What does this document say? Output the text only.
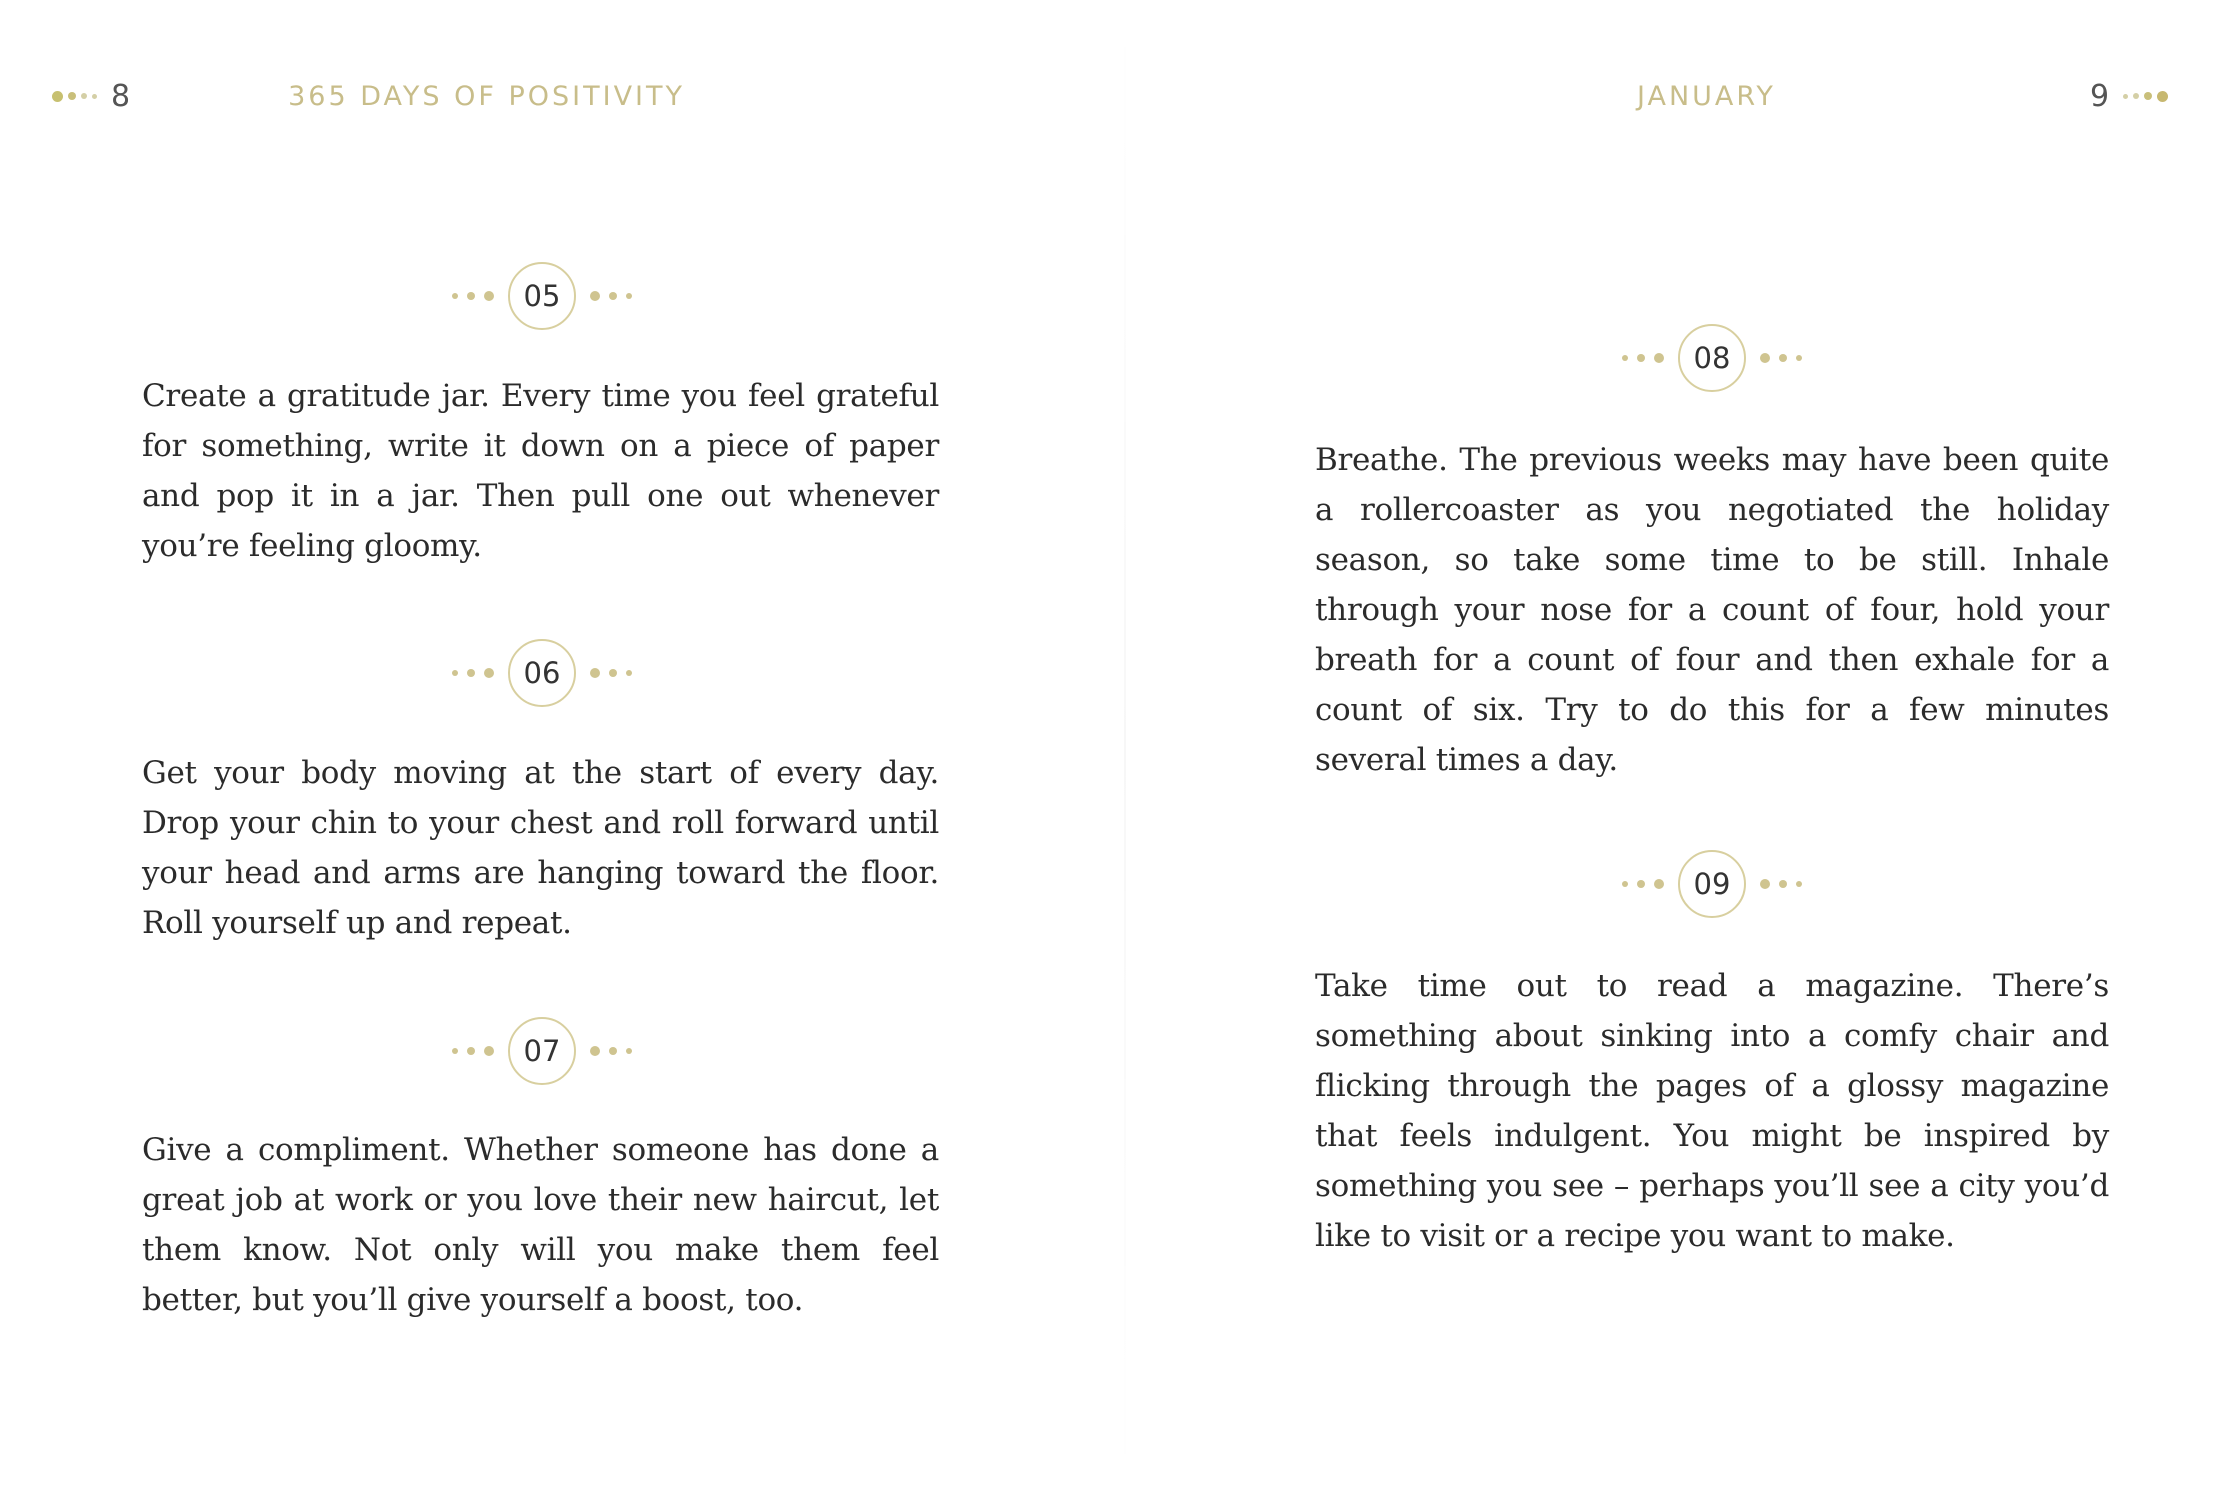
8	365 DAYS OF POSITIVITY
05

Create a gratitude jar. Every time you feel grateful for something, write it down on a piece of paper and pop it in a jar. Then pull one out whenever you’re feeling gloomy.

06

Get your body moving at the start of every day. Drop your chin to your chest and roll forward until your head and arms are hanging toward the floor. Roll yourself up and repeat.

07

Give a compliment. Whether someone has done a great job at work or you love their new haircut, let them know. Not only will you make them feel better, but you’ll give yourself a boost, too.

JANUARY	9
08

Breathe. The previous weeks may have been quite a rollercoaster as you negotiated the holiday season, so take some time to be still. Inhale through your nose for a count of four, hold your breath for a count of four and then exhale for a count of six. Try to do this for a few minutes several times a day.

09

Take time out to read a magazine. There’s something about sinking into a comfy chair and flicking through the pages of a glossy magazine that feels indulgent. You might be inspired by something you see – perhaps you’ll see a city you’d like to visit or a recipe you want to make.
